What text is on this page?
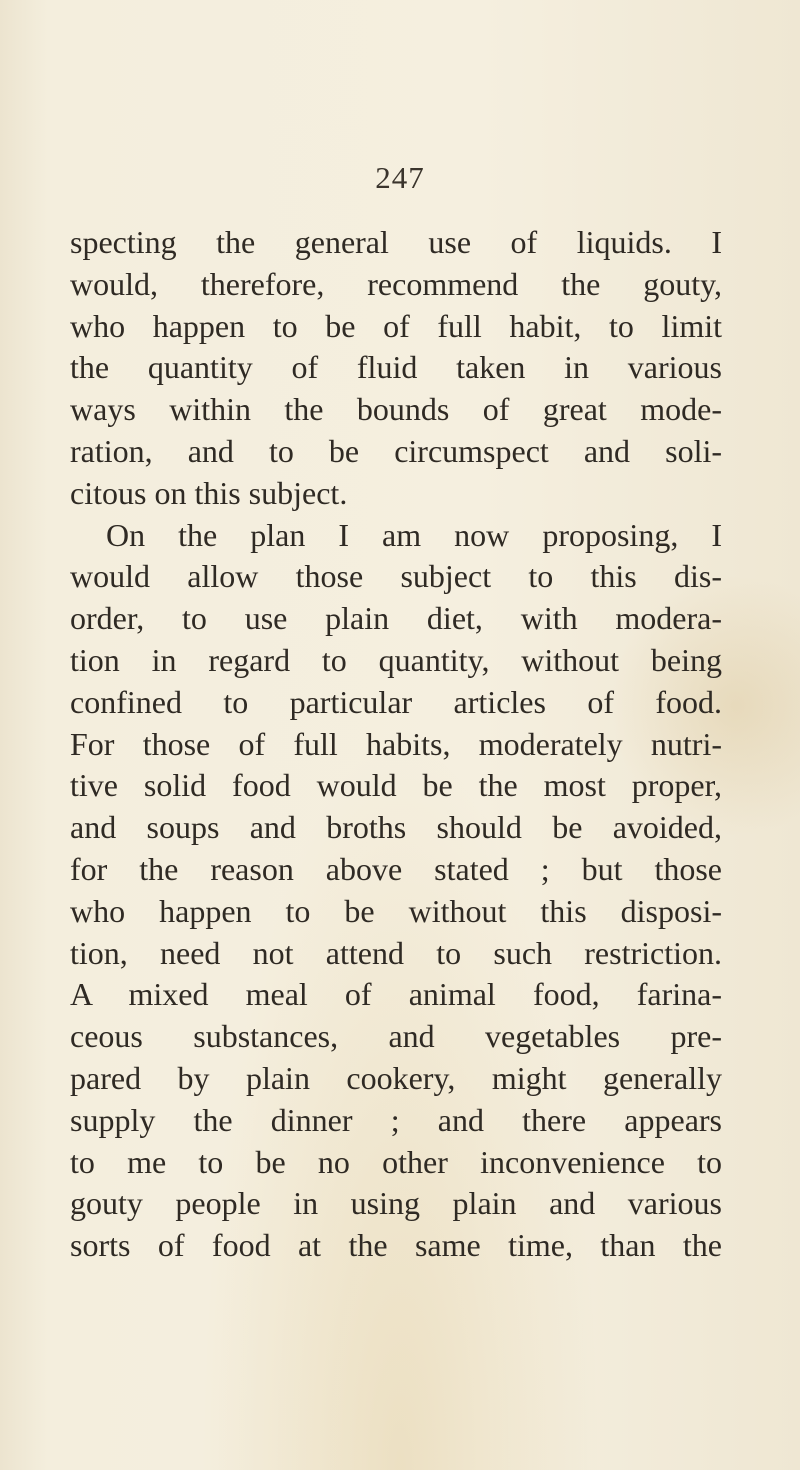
247
specting the general use of liquids. I
would, therefore, recommend the gouty,
who happen to be of full habit, to limit
the quantity of fluid taken in various
ways within the bounds of great mode-
ration, and to be circumspect and soli-
citous on this subject.
On the plan I am now proposing, I
would allow those subject to this dis-
order, to use plain diet, with modera-
tion in regard to quantity, without being
confined to particular articles of food.
For those of full habits, moderately nutri-
tive solid food would be the most proper,
and soups and broths should be avoided,
for the reason above stated ; but those
who happen to be without this disposi-
tion, need not attend to such restriction.
A mixed meal of animal food, farina-
ceous substances, and vegetables pre-
pared by plain cookery, might generally
supply the dinner ; and there appears
to me to be no other inconvenience to
gouty people in using plain and various
sorts of food at the same time, than the
